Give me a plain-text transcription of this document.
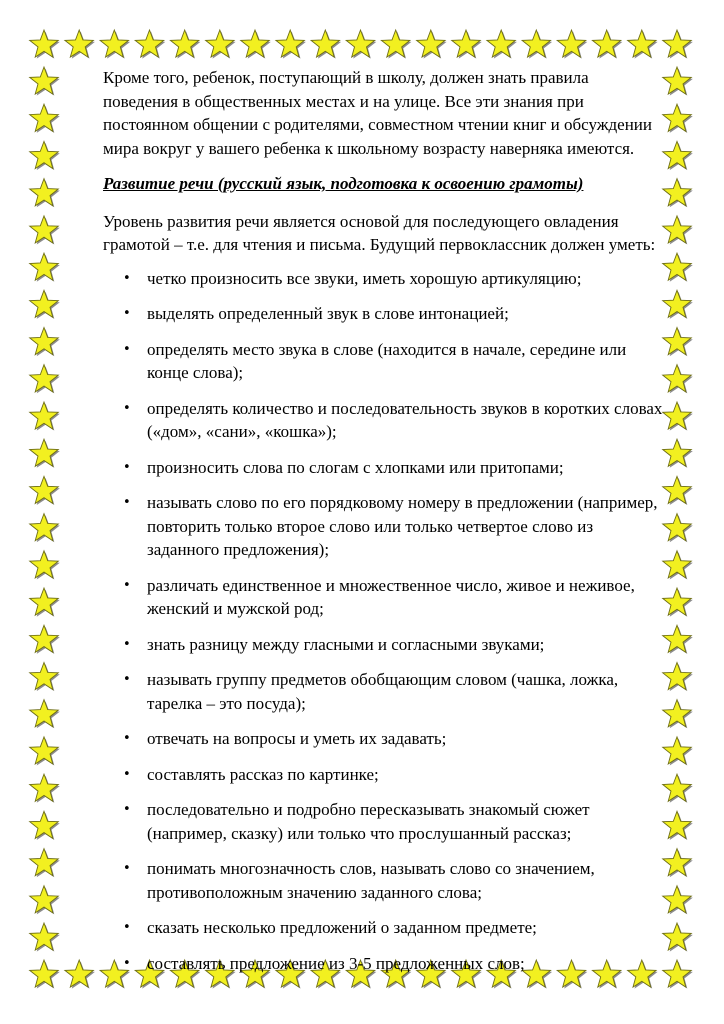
Кроме того, ребенок, поступающий в школу, должен знать правила поведения в общественных местах и на улице. Все эти знания при постоянном общении с родителями, совместном чтении книг и обсуждении мира вокруг у вашего ребенка к школьному возрасту наверняка имеются.

Развитие речи (русский язык, подготовка к освоению грамоты)

Уровень развития речи является основой для последующего овладения грамотой – т.е. для чтения и письма. Будущий первоклассник должен уметь:

• четко произносить все звуки, иметь хорошую артикуляцию;
• выделять определенный звук в слове интонацией;
• определять место звука в слове (находится в начале, середине или конце слова);
• определять количество и последовательность звуков в коротких словах («дом», «сани», «кошка»);
• произносить слова по слогам с хлопками или притопами;
• называть слово по его порядковому номеру в предложении (например, повторить только второе слово или только четвертое слово из заданного предложения);
• различать единственное и множественное число, живое и неживое, женский и мужской род;
• знать разницу между гласными и согласными звуками;
• называть группу предметов обобщающим словом (чашка, ложка, тарелка – это посуда);
• отвечать на вопросы и уметь их задавать;
• составлять рассказ по картинке;
• последовательно и подробно пересказывать знакомый сюжет (например, сказку) или только что прослушанный рассказ;
• понимать многозначность слов, называть слово со значением, противоположным значению заданного слова;
• сказать несколько предложений о заданном предмете;
• составлять предложение из 3-5 предложенных слов;
